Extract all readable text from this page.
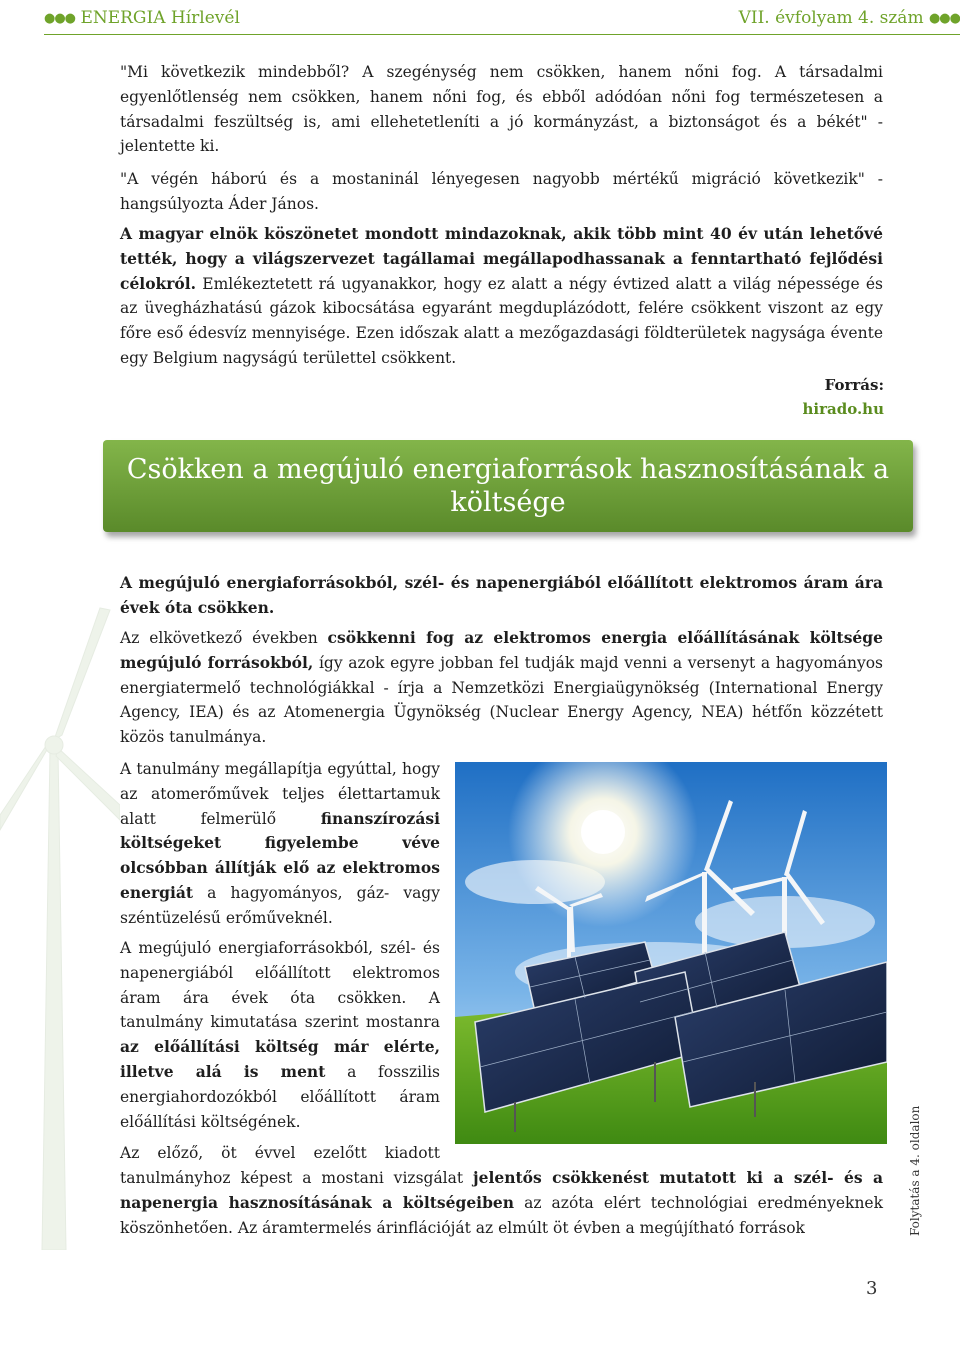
●●● ENERGIA Hírlevél	VII. évfolyam 4. szám ●●●

"Mi következik mindebből? A szegénység nem csökken, hanem nőni fog. A társadalmi egyenlőtlenség nem csökken, hanem nőni fog, és ebből adódóan nőni fog természetesen a társadalmi feszültség is, ami ellehetetleníti a jó kormányzást, a biztonságot és a békét" - jelentette ki.

"A végén háború és a mostaninál lényegesen nagyobb mértékű migráció következik" - hangsúlyozta Áder János.

A magyar elnök köszönetet mondott mindazoknak, akik több mint 40 év után lehetővé tették, hogy a világszervezet tagállamai megállapodhassanak a fenntartható fejlődési célokról. Emlékeztetett rá ugyanakkor, hogy ez alatt a négy évtized alatt a világ népessége és az üvegházhatású gázok kibocsátása egyaránt megduplázódott, felére csökkent viszont az egy főre eső édesvíz mennyisége. Ezen időszak alatt a mezőgazdasági földterületek nagysága évente egy Belgium nagyságú területtel csökkent.

Forrás: hirado.hu
Csökken a megújuló energiaforrások hasznosításának a költsége

A megújuló energiaforrásokból, szél- és napenergiából előállított elektromos áram ára évek óta csökken.

Az elkövetkező években csökkenni fog az elektromos energia előállításának költsége megújuló forrásokból, így azok egyre jobban fel tudják majd venni a versenyt a hagyományos energiatermelő technológiákkal - írja a Nemzetközi Energiaügynökség (International Energy Agency, IEA) és az Atomenergia Ügynökség (Nuclear Energy Agency, NEA) hétfőn közzétett közös tanulmánya.

A tanulmány megállapítja egyúttal, hogy az atomerőművek teljes élettartamuk alatt felmerülő finanszírozási költségeket figyelembe véve olcsóbban állítják elő az elektromos energiát a hagyományos, gáz- vagy széntüzelésű erőműveknél.

A megújuló energiaforrásokból, szél- és napenergiából előállított elektromos áram ára évek óta csökken. A tanulmány kimutatása szerint mostanra az előállítási költség már elérte, illetve alá is ment a fosszilis energiahordozókból előállított áram előállítási költségének.

Az előző, öt évvel ezelőtt kiadott

tanulmányhoz képest a mostani vizsgálat jelentős csökkenést mutatott ki a szél- és a napenergia hasznosításának a költségeiben az azóta elért technológiai eredményeknek köszönhetően. Az áramtermelés árinflációját az elmúlt öt évben a megújítható források	Folytatás a 4. oldalon
3
